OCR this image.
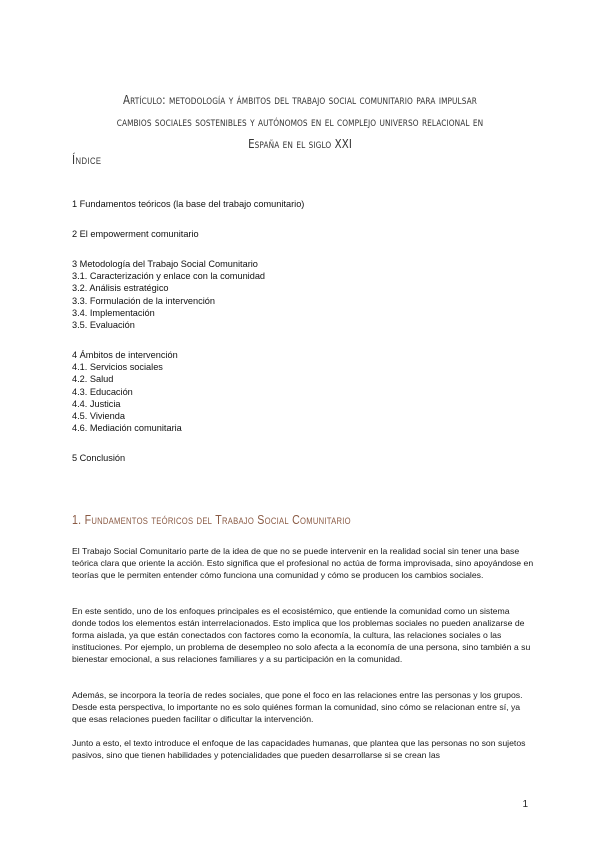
Artículo: metodología y ámbitos del trabajo social comunitario para impulsar cambios sociales sostenibles y autónomos en el complejo universo relacional en España en el siglo XXI
Índice
1 Fundamentos teóricos (la base del trabajo comunitario)
2 El empowerment comunitario
3 Metodología del Trabajo Social Comunitario
3.1. Caracterización y enlace con la comunidad
3.2. Análisis estratégico
3.3. Formulación de la intervención
3.4. Implementación
3.5. Evaluación
4 Ámbitos de intervención
4.1. Servicios sociales
4.2. Salud
4.3. Educación
4.4. Justicia
4.5. Vivienda
4.6. Mediación comunitaria
5 Conclusión
1. Fundamentos teóricos del Trabajo Social Comunitario
El Trabajo Social Comunitario parte de la idea de que no se puede intervenir en la realidad social sin tener una base teórica clara que oriente la acción. Esto significa que el profesional no actúa de forma improvisada, sino apoyándose en teorías que le permiten entender cómo funciona una comunidad y cómo se producen los cambios sociales.
En este sentido, uno de los enfoques principales es el ecosistémico, que entiende la comunidad como un sistema donde todos los elementos están interrelacionados. Esto implica que los problemas sociales no pueden analizarse de forma aislada, ya que están conectados con factores como la economía, la cultura, las relaciones sociales o las instituciones. Por ejemplo, un problema de desempleo no solo afecta a la economía de una persona, sino también a su bienestar emocional, a sus relaciones familiares y a su participación en la comunidad.
Además, se incorpora la teoría de redes sociales, que pone el foco en las relaciones entre las personas y los grupos. Desde esta perspectiva, lo importante no es solo quiénes forman la comunidad, sino cómo se relacionan entre sí, ya que esas relaciones pueden facilitar o dificultar la intervención.
Junto a esto, el texto introduce el enfoque de las capacidades humanas, que plantea que las personas no son sujetos pasivos, sino que tienen habilidades y potencialidades que pueden desarrollarse si se crean las
1
